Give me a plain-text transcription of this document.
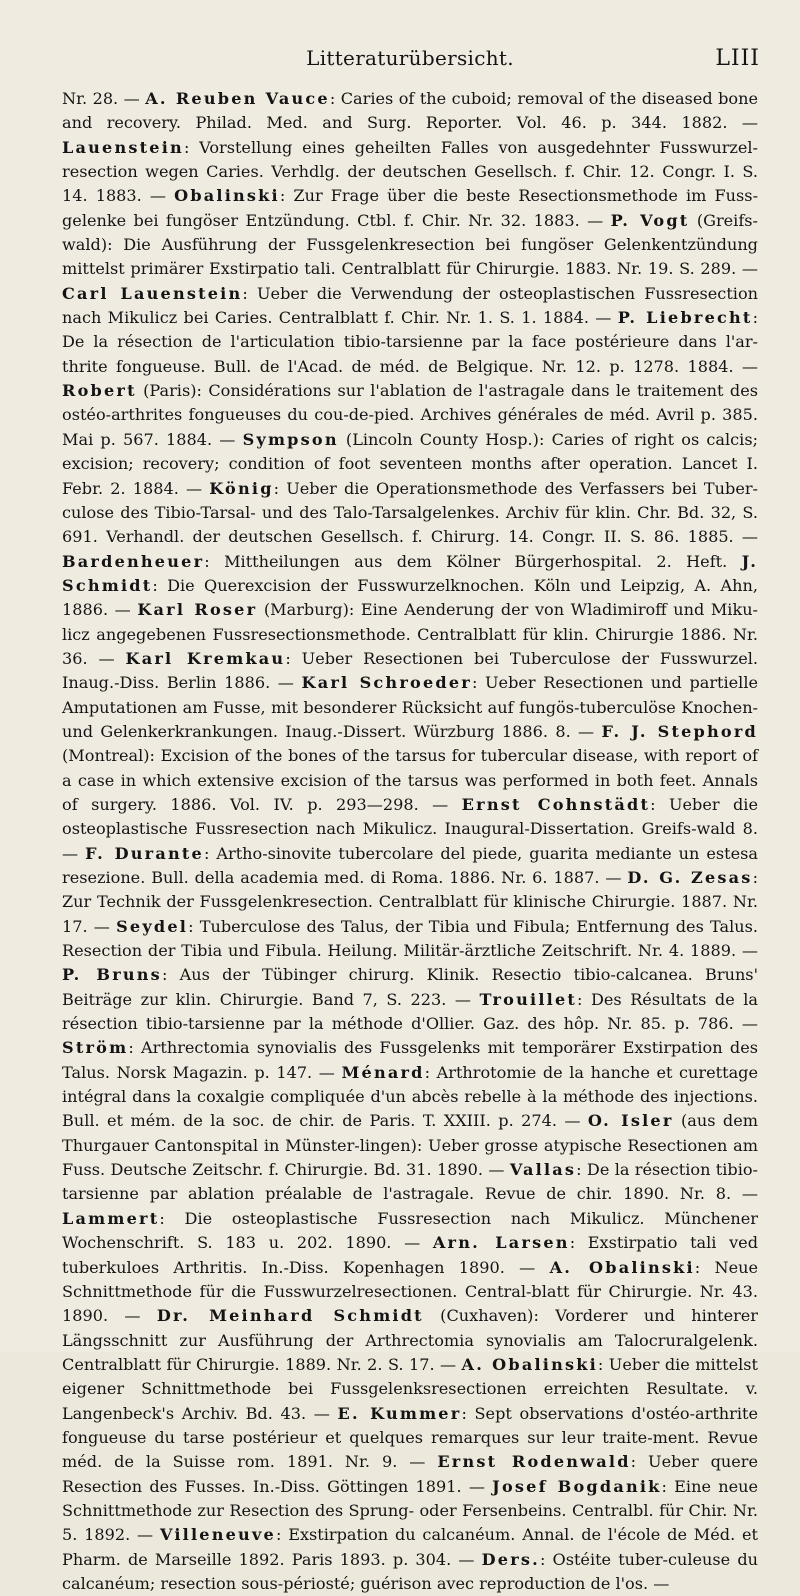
Litteraturübersicht.	LIII

Nr. 28. — A. Reuben Vauce: Caries of the cuboid; removal of the diseased bone and recovery. Philad. Med. and Surg. Reporter. Vol. 46. p. 344. 1882. — Lauenstein: Vorstellung eines geheilten Falles von ausgedehnter Fusswurzel-resection wegen Caries. Verhdlg. der deutschen Gesellsch. f. Chir. 12. Congr. I. S. 14. 1883. — Obalinski: Zur Frage über die beste Resectionsmethode im Fuss-gelenke bei fungöser Entzündung. Ctbl. f. Chir. Nr. 32. 1883. — P. Vogt (Greifs-wald): Die Ausführung der Fussgelenkresection bei fungöser Gelenkentzündung mittelst primärer Exstirpatio tali. Centralblatt für Chirurgie. 1883. Nr. 19. S. 289. — Carl Lauenstein: Ueber die Verwendung der osteoplastischen Fussresection nach Mikulicz bei Caries. Centralblatt f. Chir. Nr. 1. S. 1. 1884. — P. Liebrecht: De la résection de l'articulation tibio-tarsienne par la face postérieure dans l'ar-thrite fongueuse. Bull. de l'Acad. de méd. de Belgique. Nr. 12. p. 1278. 1884. — Robert (Paris): Considérations sur l'ablation de l'astragale dans le traitement des ostéo-arthrites fongueuses du cou-de-pied. Archives générales de méd. Avril p. 385. Mai p. 567. 1884. — Sympson (Lincoln County Hosp.): Caries of right os calcis; excision; recovery; condition of foot seventeen months after operation. Lancet I. Febr. 2. 1884. — König: Ueber die Operationsmethode des Verfassers bei Tuber-culose des Tibio-Tarsal- und des Talo-Tarsalgelenkes. Archiv für klin. Chr. Bd. 32, S. 691. Verhandl. der deutschen Gesellsch. f. Chirurg. 14. Congr. II. S. 86. 1885. — Bardenheuer: Mittheilungen aus dem Kölner Bürgerhospital. 2. Heft. J. Schmidt: Die Querexcision der Fusswurzelknochen. Köln und Leipzig, A. Ahn, 1886. — Karl Roser (Marburg): Eine Aenderung der von Wladimiroff und Miku-licz angegebenen Fussresectionsmethode. Centralblatt für klin. Chirurgie 1886. Nr. 36. — Karl Kremkau: Ueber Resectionen bei Tuberculose der Fusswurzel. Inaug.-Diss. Berlin 1886. — Karl Schroeder: Ueber Resectionen und partielle Amputationen am Fusse, mit besonderer Rücksicht auf fungös-tuberculöse Knochen- und Gelenkerkrankungen. Inaug.-Dissert. Würzburg 1886. 8. — F. J. Stephord (Montreal): Excision of the bones of the tarsus for tubercular disease, with report of a case in which extensive excision of the tarsus was performed in both feet. Annals of surgery. 1886. Vol. IV. p. 293—298. — Ernst Cohnstädt: Ueber die osteoplastische Fussresection nach Mikulicz. Inaugural-Dissertation. Greifs-wald 8. — F. Durante: Artho-sinovite tubercolare del piede, guarita mediante un estesa resezione. Bull. della academia med. di Roma. 1886. Nr. 6. 1887. — D. G. Zesas: Zur Technik der Fussgelenkresection. Centralblatt für klinische Chirurgie. 1887. Nr. 17. — Seydel: Tuberculose des Talus, der Tibia und Fibula; Entfernung des Talus. Resection der Tibia und Fibula. Heilung. Militär-ärztliche Zeitschrift. Nr. 4. 1889. — P. Bruns: Aus der Tübinger chirurg. Klinik. Resectio tibio-calcanea. Bruns' Beiträge zur klin. Chirurgie. Band 7, S. 223. — Trouillet: Des Résultats de la résection tibio-tarsienne par la méthode d'Ollier. Gaz. des hôp. Nr. 85. p. 786. — Ström: Arthrectomia synovialis des Fussgelenks mit temporärer Exstirpation des Talus. Norsk Magazin. p. 147. — Ménard: Arthrotomie de la hanche et curettage intégral dans la coxalgie compliquée d'un abcès rebelle à la méthode des injections. Bull. et mém. de la soc. de chir. de Paris. T. XXIII. p. 274. — O. Isler (aus dem Thurgauer Cantonspital in Münster-lingen): Ueber grosse atypische Resectionen am Fuss. Deutsche Zeitschr. f. Chirurgie. Bd. 31. 1890. — Vallas: De la résection tibio-tarsienne par ablation préalable de l'astragale. Revue de chir. 1890. Nr. 8. — Lammert: Die osteoplastische Fussresection nach Mikulicz. Münchener Wochenschrift. S. 183 u. 202. 1890. — Arn. Larsen: Exstirpatio tali ved tuberkuloes Arthritis. In.-Diss. Kopenhagen 1890. — A. Obalinski: Neue Schnittmethode für die Fusswurzelresectionen. Central-blatt für Chirurgie. Nr. 43. 1890. — Dr. Meinhard Schmidt (Cuxhaven): Vorderer und hinterer Längsschnitt zur Ausführung der Arthrectomia synovialis am Talocruralgelenk. Centralblatt für Chirurgie. 1889. Nr. 2. S. 17. — A. Obalinski: Ueber die mittelst eigener Schnittmethode bei Fussgelenksresectionen erreichten Resultate. v. Langenbeck's Archiv. Bd. 43. — E. Kummer: Sept observations d'ostéo-arthrite fongueuse du tarse postérieur et quelques remarques sur leur traite-ment. Revue méd. de la Suisse rom. 1891. Nr. 9. — Ernst Rodenwald: Ueber quere Resection des Fusses. In.-Diss. Göttingen 1891. — Josef Bogdanik: Eine neue Schnittmethode zur Resection des Sprung- oder Fersenbeins. Centralbl. für Chir. Nr. 5. 1892. — Villeneuve: Exstirpation du calcanéum. Annal. de l'école de Méd. et Pharm. de Marseille 1892. Paris 1893. p. 304. — Ders.: Ostéite tuber-culeuse du calcanéum; resection sous-périosté; guérison avec reproduction de l'os. —
